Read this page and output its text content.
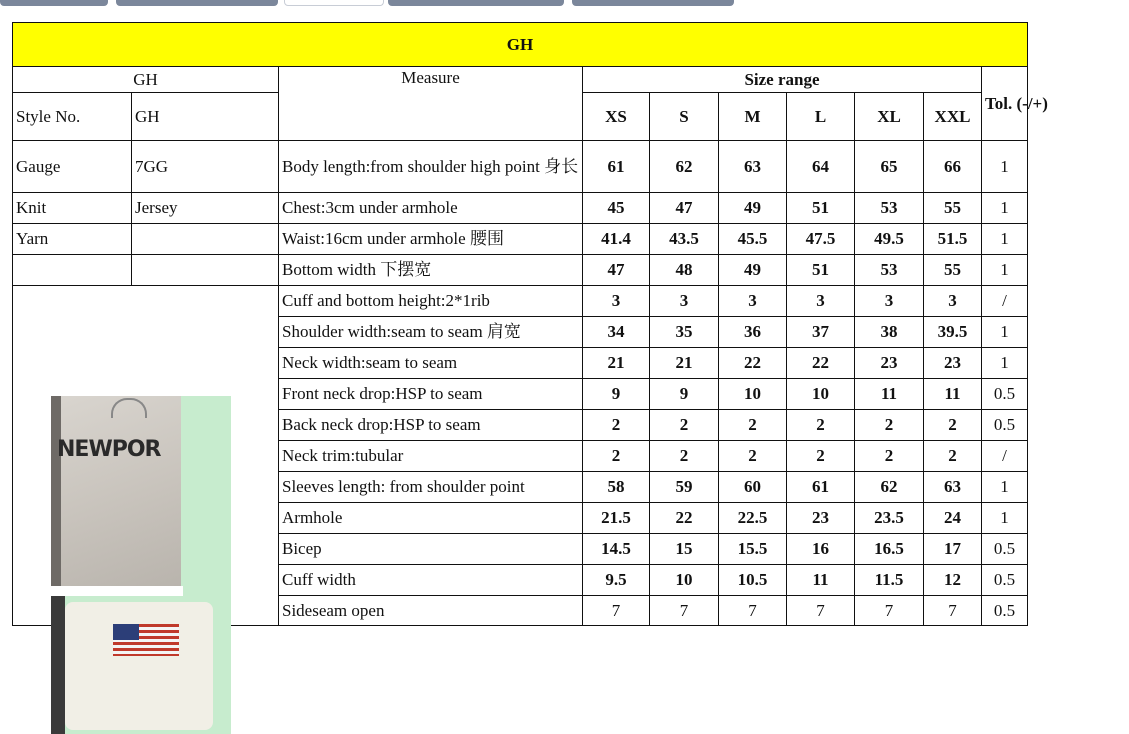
GH									
GH		Measure	Size range						Tol. (-/+)
Style No.	GH		XS	S	M	L	XL	XXL	
Gauge	7GG	Body length:from shoulder high point 身长	61	62	63	64	65	66	1
Knit	Jersey	Chest:3cm under armhole	45	47	49	51	53	55	1
Yarn		Waist:16cm under armhole 腰围	41.4	43.5	45.5	47.5	49.5	51.5	1
		Bottom width 下摆宽	47	48	49	51	53	55	1

NEWPOR		Cuff and bottom height:2*1rib	3	3	3	3	3	3	/
		Shoulder width:seam to seam 肩宽	34	35	36	37	38	39.5	1
		Neck width:seam to seam	21	21	22	22	23	23	1
		Front neck drop:HSP to seam	9	9	10	10	11	11	0.5
		Back neck drop:HSP to seam	2	2	2	2	2	2	0.5
		Neck trim:tubular	2	2	2	2	2	2	/
		Sleeves length: from shoulder point	58	59	60	61	62	63	1
		Armhole	21.5	22	22.5	23	23.5	24	1
		Bicep	14.5	15	15.5	16	16.5	17	0.5
		Cuff width	9.5	10	10.5	11	11.5	12	0.5
		Sideseam open	7	7	7	7	7	7	0.5
